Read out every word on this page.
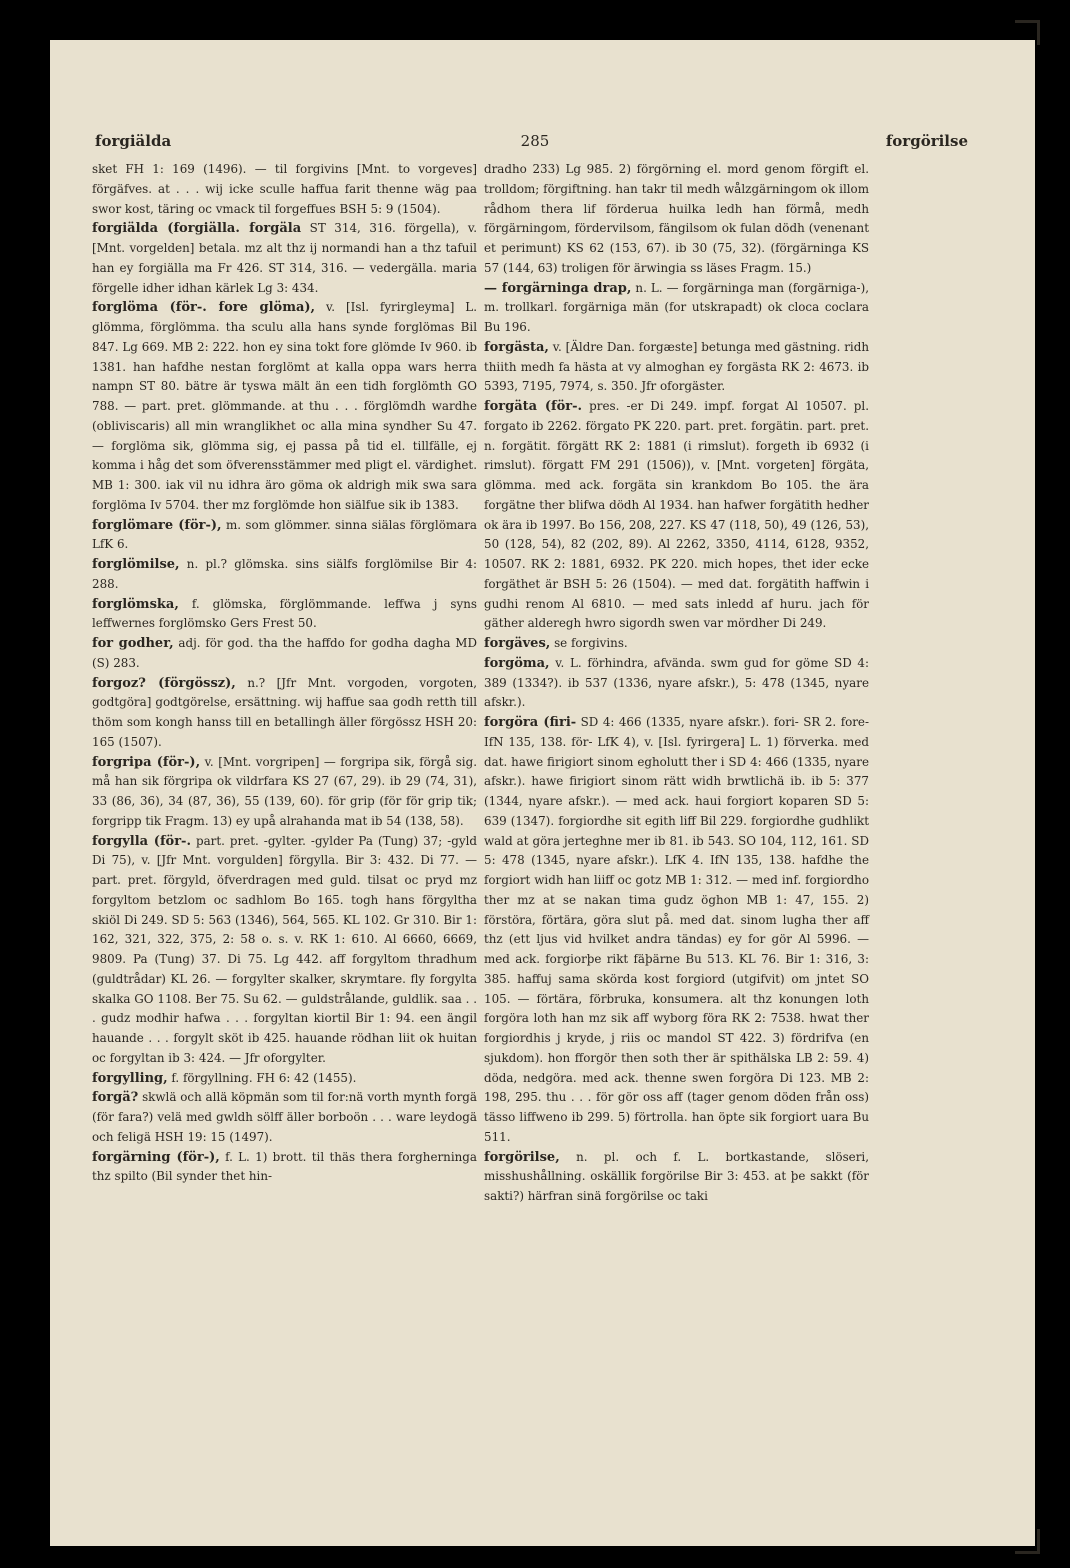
forgiälda	285	forgörilse

sket FH 1: 169 (1496). — til forgivins [Mnt. to vorgeves] förgäfves. at . . . wij icke sculle haffua farit thenne wäg paa swor kost, täring oc vmack til forgeffues BSH 5: 9 (1504).

forgiälda (forgiälla. forgäla ST 314, 316. förgella), v. [Mnt. vorgelden] betala. mz alt thz ij normandi han a thz tafuil han ey forgiälla ma Fr 426. ST 314, 316. — vedergälla. maria förgelle idher idhan kärlek Lg 3: 434.

forglöma (för-. fore glöma), v. [Isl. fyrirgleyma] L. glömma, förglömma. tha sculu alla hans synde forglömas Bil 847. Lg 669. MB 2: 222. hon ey sina tokt fore glömde Iv 960. ib 1381. han hafdhe nestan forglömt at kalla oppa wars herra nampn ST 80. bätre är tyswa mält än een tidh forglömth GO 788. — part. pret. glömmande. at thu . . . förglömdh wardhe (obliviscaris) all min wranglikhet oc alla mina syndher Su 47. — forglöma sik, glömma sig, ej passa på tid el. tillfälle, ej komma i håg det som öfverensstämmer med pligt el. värdighet. MB 1: 300. iak vil nu idhra äro göma ok aldrigh mik swa sara forglöma Iv 5704. ther mz forglömde hon siälfue sik ib 1383.

forglömare (för-), m. som glömmer. sinna siälas förglömara LfK 6.

forglömilse, n. pl.? glömska. sins siälfs forglömilse Bir 4: 288.

forglömska, f. glömska, förglömmande. leffwa j syns leffwernes forglömsko Gers Frest 50.

for godher, adj. för god. tha the haffdo for godha dagha MD (S) 283.

forgoz? (förgössz), n.? [Jfr Mnt. vorgoden, vorgoten, godtgöra] godtgörelse, ersättning. wij haffue saa godh retth till thöm som kongh hanss till en betallingh äller förgössz HSH 20: 165 (1507).

forgripa (för-), v. [Mnt. vorgripen] — forgripa sik, förgå sig. må han sik förgripa ok vildrfara KS 27 (67, 29). ib 29 (74, 31), 33 (86, 36), 34 (87, 36), 55 (139, 60). för grip (för för grip tik; forgripp tik Fragm. 13) ey upå alrahanda mat ib 54 (138, 58).

forgylla (för-. part. pret. -gylter. -gylder Pa (Tung) 37; -gyld Di 75), v. [Jfr Mnt. vorgulden] förgylla. Bir 3: 432. Di 77. — part. pret. förgyld, öfverdragen med guld. tilsat oc pryd mz forgyltom betzlom oc sadhlom Bo 165. togh hans förgyltha skiöl Di 249. SD 5: 563 (1346), 564, 565. KL 102. Gr 310. Bir 1: 162, 321, 322, 375, 2: 58 o. s. v. RK 1: 610. Al 6660, 6669, 9809. Pa (Tung) 37. Di 75. Lg 442. aff forgyltom thradhum (guldtrådar) KL 26. — forgylter skalker, skrymtare. fly forgylta skalka GO 1108. Ber 75. Su 62. — guldstrålande, guldlik. saa . . . gudz modhir hafwa . . . forgyltan kiortil Bir 1: 94. een ängil hauande . . . forgylt sköt ib 425. hauande rödhan liit ok huitan oc forgyltan ib 3: 424. — Jfr oforgylter.

forgylling, f. förgyllning. FH 6: 42 (1455).

forgä? skwlä och allä köpmän som til for:nä vorth mynth forgä (för fara?) velä med gwldh sölff äller borboön . . . ware leydogä och feligä HSH 19: 15 (1497).

forgärning (för-), f. L. 1) brott. til thäs thera forgherninga thz spilto (Bil synder thet hin-

dradho 233) Lg 985. 2) förgörning el. mord genom förgift el. trolldom; förgiftning. han takr til medh wålzgärningom ok illom rådhom thera lif förderua huilka ledh han förmå, medh förgärningom, fördervilsom, fängilsom ok fulan dödh (venenant et perimunt) KS 62 (153, 67). ib 30 (75, 32). (förgärninga KS 57 (144, 63) troligen för ärwingia ss läses Fragm. 15.)

— forgärninga drap, n. L. — forgärninga man (forgärniga-), m. trollkarl. forgärniga män (for utskrapadt) ok cloca coclara Bu 196.

forgästa, v. [Äldre Dan. forgæste] betunga med gästning. ridh thiith medh fa hästa at vy almoghan ey forgästa RK 2: 4673. ib 5393, 7195, 7974, s. 350. Jfr oforgäster.

forgäta (för-. pres. -er Di 249. impf. forgat Al 10507. pl. forgato ib 2262. förgato PK 220. part. pret. forgätin. part. pret. n. forgätit. förgätt RK 2: 1881 (i rimslut). forgeth ib 6932 (i rimslut). förgatt FM 291 (1506)), v. [Mnt. vorgeten] förgäta, glömma. med ack. forgäta sin krankdom Bo 105. the ära forgätne ther blifwa dödh Al 1934. han hafwer forgätith hedher ok ära ib 1997. Bo 156, 208, 227. KS 47 (118, 50), 49 (126, 53), 50 (128, 54), 82 (202, 89). Al 2262, 3350, 4114, 6128, 9352, 10507. RK 2: 1881, 6932. PK 220. mich hopes, thet ider ecke forgäthet är BSH 5: 26 (1504). — med dat. forgätith haffwin i gudhi renom Al 6810. — med sats inledd af huru. jach för gäther alderegh hwro sigordh swen var mördher Di 249.

forgäves, se forgivins.

forgöma, v. L. förhindra, afvända. swm gud for göme SD 4: 389 (1334?). ib 537 (1336, nyare afskr.), 5: 478 (1345, nyare afskr.).

forgöra (firi- SD 4: 466 (1335, nyare afskr.). fori- SR 2. fore- IfN 135, 138. för- LfK 4), v. [Isl. fyrirgera] L. 1) förverka. med dat. hawe firigiort sinom egholutt ther i SD 4: 466 (1335, nyare afskr.). hawe firigiort sinom rätt widh brwtlichä ib. ib 5: 377 (1344, nyare afskr.). — med ack. haui forgiort koparen SD 5: 639 (1347). forgiordhe sit egith liff Bil 229. forgiordhe gudhlikt wald at göra jerteghne mer ib 81. ib 543. SO 104, 112, 161. SD 5: 478 (1345, nyare afskr.). LfK 4. IfN 135, 138. hafdhe the forgiort widh han liiff oc gotz MB 1: 312. — med inf. forgiordho ther mz at se nakan tima gudz öghon MB 1: 47, 155. 2) förstöra, förtära, göra slut på. med dat. sinom lugha ther aff thz (ett ljus vid hvilket andra tändas) ey for gör Al 5996. — med ack. forgiorþe rikt fäþärne Bu 513. KL 76. Bir 1: 316, 3: 385. haffuj sama skörda kost forgiord (utgifvit) om jntet SO 105. — förtära, förbruka, konsumera. alt thz konungen loth forgöra loth han mz sik aff wyborg föra RK 2: 7538. hwat ther forgiordhis j kryde, j riis oc mandol ST 422. 3) fördrifva (en sjukdom). hon fforgör then soth ther är spithälska LB 2: 59. 4) döda, nedgöra. med ack. thenne swen forgöra Di 123. MB 2: 198, 295. thu . . . för gör oss aff (tager genom döden från oss) tässo liffweno ib 299. 5) förtrolla. han öpte sik forgiort uara Bu 511.

forgörilse, n. pl. och f. L. bortkastande, slöseri, misshushållning. oskällik forgörilse Bir 3: 453. at þe sakkt (för sakti?) härfran sinä forgörilse oc taki
